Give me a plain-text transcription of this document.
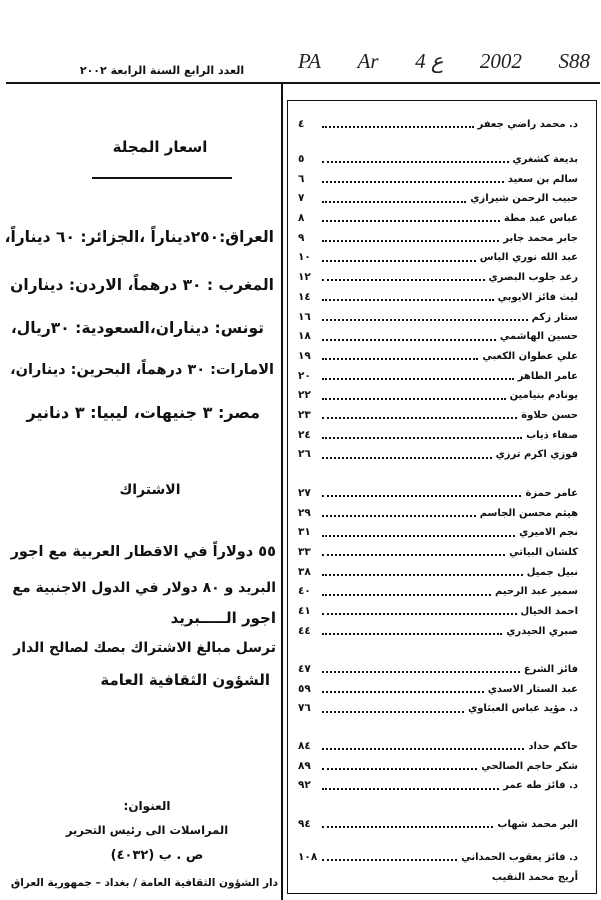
العدد الرابع السنة الرابعة ٢٠٠٢	PA Ar 4 ع 2002 S88
اسعار المجلة
العراق:٢٥٠ديناراً ،الجزائر: ٦٠ ديناراً،
المغرب : ٣٠ درهماً، الاردن: ديناران
تونس: ديناران،السعودية: ٣٠ريال،
الامارات: ٣٠ درهماً، البحرين: ديناران،
مصر: ٣ جنيهات، ليبيا: ٣ دنانير
الاشتراك
٥٥ دولاراً في الاقطار العربية مع اجور
البريد و ٨٠ دولار في الدول الاجنبية مع
اجور الـــــبريد
ترسل مبالغ الاشتراك بصك لصالح الدار
الشؤون الثقافية العامة
العنوان:
المراسلات الى رئيس التحرير
ص . ب (٤٠٣٢)
دار الشؤون الثقافية العامة / بغداد – جمهورية العراق
د. محمد راضي جعفر
٤
بديعة كشغري
٥
سالم بن سعيد
٦
حبيب الرحمن شيرازي
٧
عباس عبد مطة
٨
جابر محمد جابر
٩
عبد الله نوري الياس
١٠
رعد جلوب البصري
١٢
ليث فائز الايوبي
١٤
ستار زكم
١٦
حسين الهاشمي
١٨
علي عطوان الكعبي
١٩
عامر الطاهر
٢٠
يونادم بنيامين
٢٢
حسن حلاوة
٢٣
صفاء ذياب
٢٤
فوزي اكرم ترزي
٢٦
عامر حمزة
٢٧
هيثم محسن الجاسم
٢٩
نجم الاميري
٣١
كلشان البياتي
٣٣
نبيل جميل
٣٨
سمير عبد الرحيم
٤٠
احمد الخيال
٤١
صبري الحيدري
٤٤
فائز الشرع
٤٧
عبد الستار الاسدي
٥٩
د. مؤيد عباس العبثاوي
٧٦
حاكم حداد
٨٤
شكر حاجم الصالحي
٨٩
د. فائز طه عمر
٩٢
البر محمد شهاب
٩٤
د. فائز يعقوب الحمداني
١٠٨
أريج محمد النقيب
